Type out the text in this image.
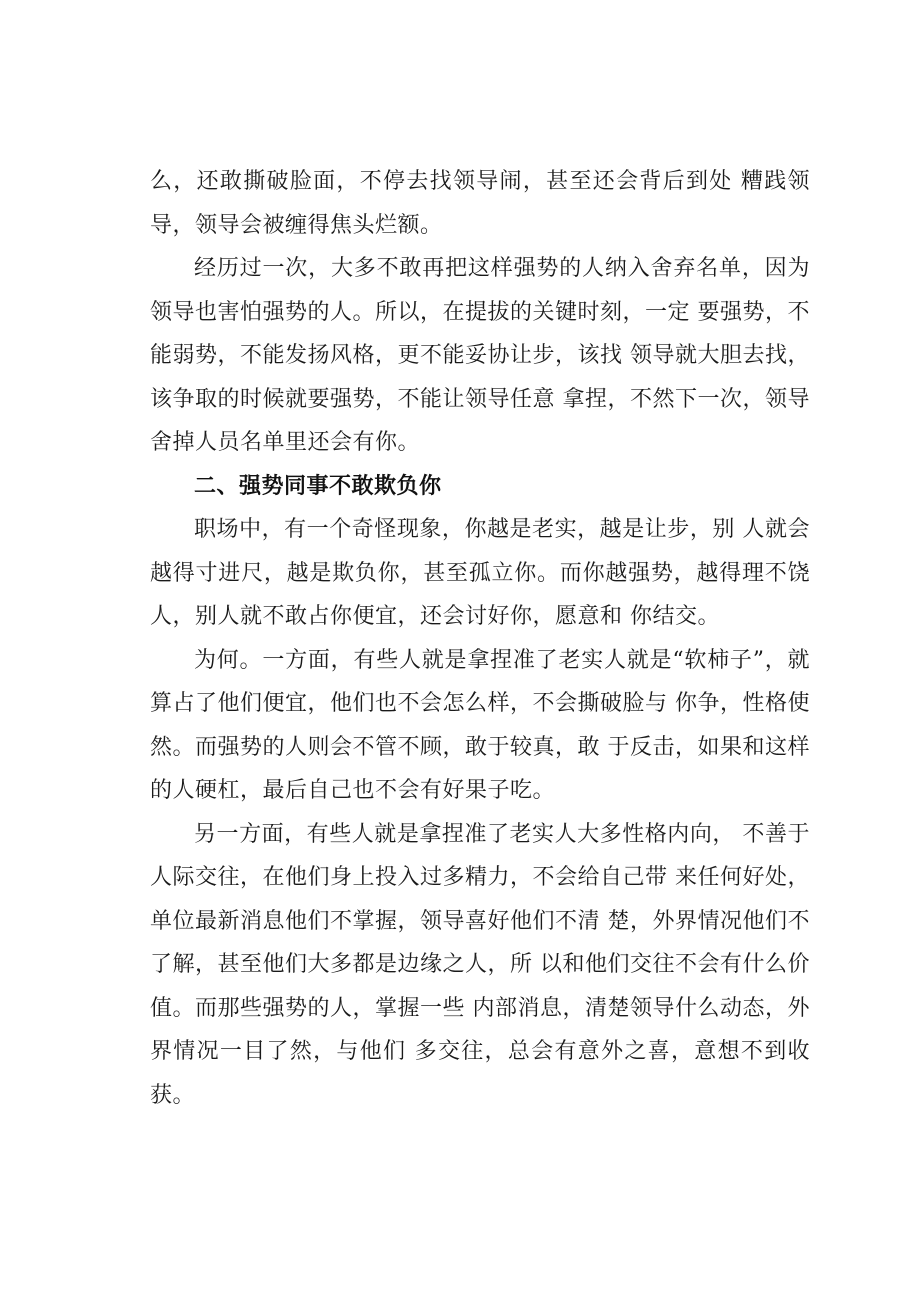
么，还敢撕破脸面，不停去找领导闹，甚至还会背后到处 糟践领导，领导会被缠得焦头烂额。

经历过一次，大多不敢再把这样强势的人纳入舍弃名单，因为领导也害怕强势的人。所以，在提拔的关键时刻，一定 要强势，不能弱势，不能发扬风格，更不能妥协让步，该找 领导就大胆去找，该争取的时候就要强势，不能让领导任意 拿捏，不然下一次，领导舍掉人员名单里还会有你。

二、强势同事不敢欺负你

职场中，有一个奇怪现象，你越是老实，越是让步，别 人就会越得寸进尺，越是欺负你，甚至孤立你。而你越强势，越得理不饶人，别人就不敢占你便宜，还会讨好你，愿意和 你结交。

为何。一方面，有些人就是拿捏准了老实人就是“软柿子”，就算占了他们便宜，他们也不会怎么样，不会撕破脸与 你争，性格使然。而强势的人则会不管不顾，敢于较真，敢 于反击，如果和这样的人硬杠，最后自己也不会有好果子吃。

另一方面，有些人就是拿捏准了老实人大多性格内向， 不善于人际交往，在他们身上投入过多精力，不会给自己带 来任何好处，单位最新消息他们不掌握，领导喜好他们不清 楚，外界情况他们不了解，甚至他们大多都是边缘之人，所 以和他们交往不会有什么价值。而那些强势的人，掌握一些 内部消息，清楚领导什么动态，外界情况一目了然，与他们 多交往，总会有意外之喜，意想不到收获。
